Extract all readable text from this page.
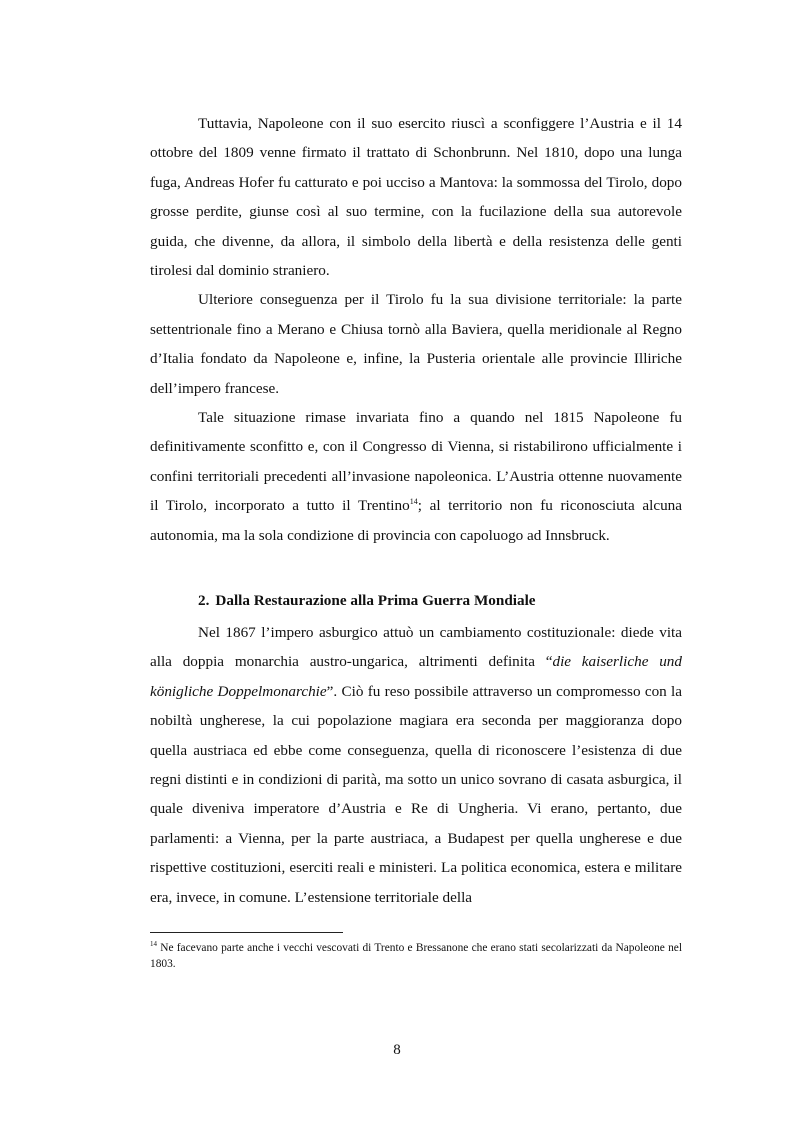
Tuttavia, Napoleone con il suo esercito riuscì a sconfiggere l’Austria e il 14 ottobre del 1809 venne firmato il trattato di Schonbrunn. Nel 1810, dopo una lunga fuga, Andreas Hofer fu catturato e poi ucciso a Mantova: la sommossa del Tirolo, dopo grosse perdite, giunse così al suo termine, con la fucilazione della sua autorevole guida, che divenne, da allora, il simbolo della libertà e della resistenza delle genti tirolesi dal dominio straniero.

Ulteriore conseguenza per il Tirolo fu la sua divisione territoriale: la parte settentrionale fino a Merano e Chiusa tornò alla Baviera, quella meridionale al Regno d’Italia fondato da Napoleone e, infine, la Pusteria orientale alle provincie Illiriche dell’impero francese.

Tale situazione rimase invariata fino a quando nel 1815 Napoleone fu definitivamente sconfitto e, con il Congresso di Vienna, si ristabilirono ufficialmente i confini territoriali precedenti all’invasione napoleonica. L’Austria ottenne nuovamente il Tirolo, incorporato a tutto il Trentino$^{14}$; al territorio non fu riconosciuta alcuna autonomia, ma la sola condizione di provincia con capoluogo ad Innsbruck.

2. Dalla Restaurazione alla Prima Guerra Mondiale

Nel 1867 l’impero asburgico attuò un cambiamento costituzionale: diede vita alla doppia monarchia austro-ungarica, altrimenti definita “die kaiserliche und königliche Doppelmonarchie”. Ciò fu reso possibile attraverso un compromesso con la nobiltà ungherese, la cui popolazione magiara era seconda per maggioranza dopo quella austriaca ed ebbe come conseguenza, quella di riconoscere l’esistenza di due regni distinti e in condizioni di parità, ma sotto un unico sovrano di casata asburgica, il quale diveniva imperatore d’Austria e Re di Ungheria. Vi erano, pertanto, due parlamenti: a Vienna, per la parte austriaca, a Budapest per quella ungherese e due rispettive costituzioni, eserciti reali e ministeri. La politica economica, estera e militare era, invece, in comune. L’estensione territoriale della

$^{14}$ Ne facevano parte anche i vecchi vescovati di Trento e Bressanone che erano stati secolarizzati da Napoleone nel 1803.

8
